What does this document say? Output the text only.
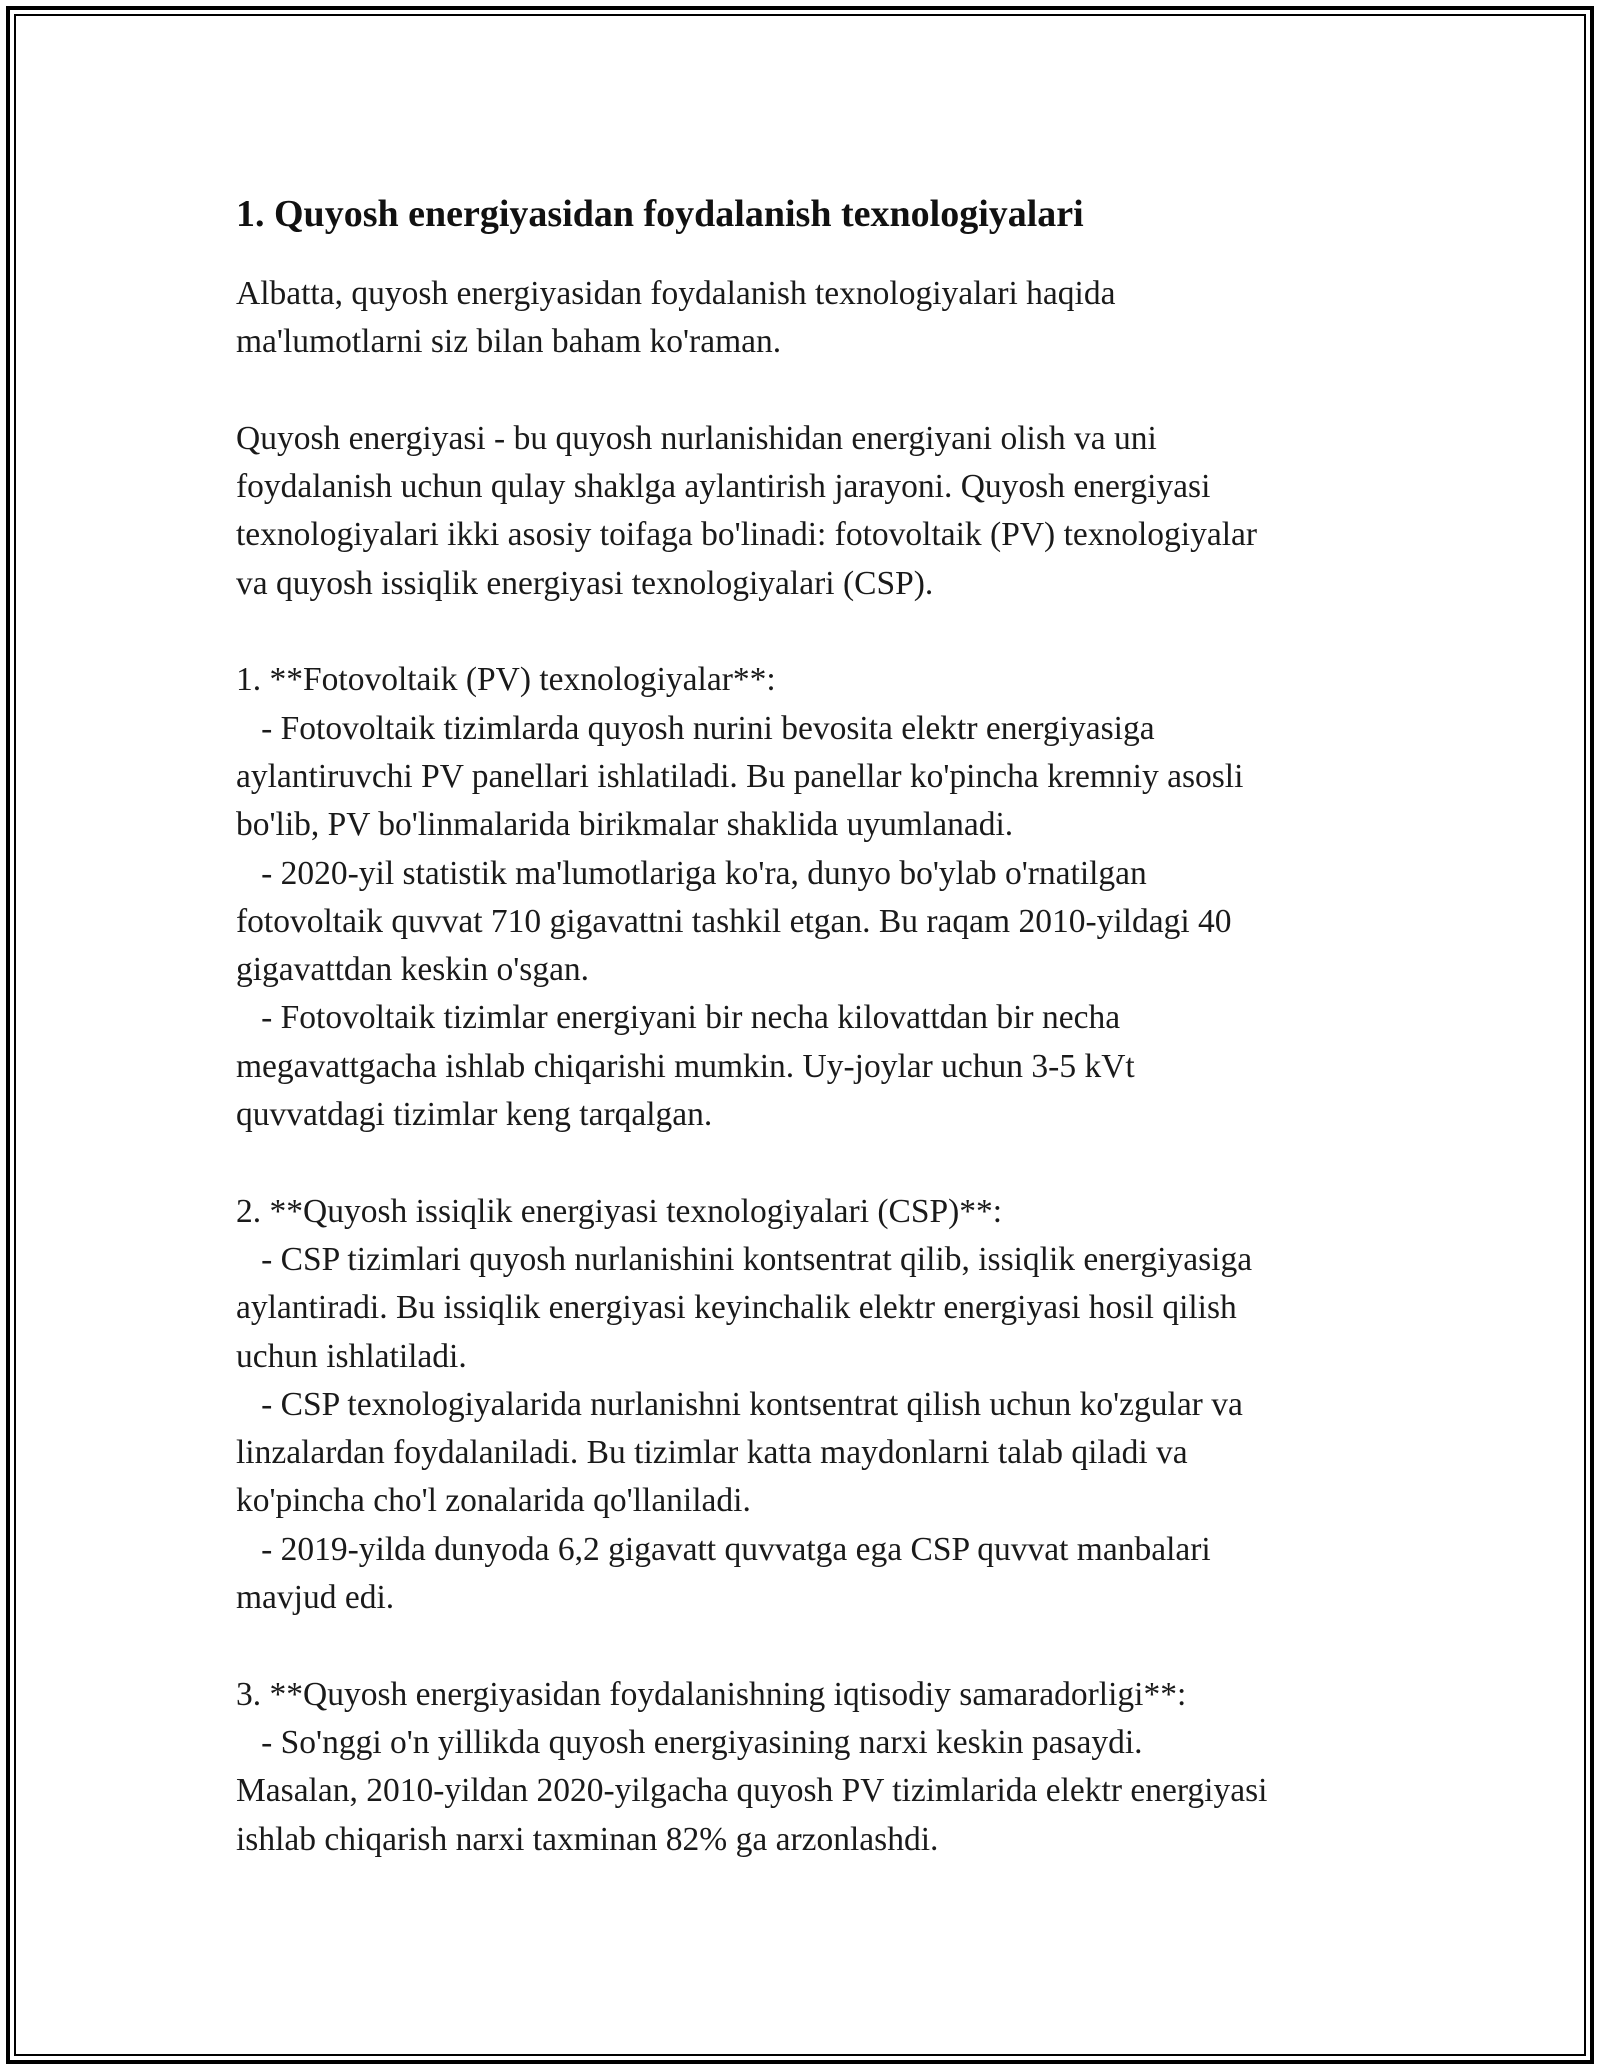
1. Quyosh energiyasidan foydalanish texnologiyalari

Albatta, quyosh energiyasidan foydalanish texnologiyalari haqida
ma'lumotlarni siz bilan baham ko'raman.

Quyosh energiyasi - bu quyosh nurlanishidan energiyani olish va uni
foydalanish uchun qulay shaklga aylantirish jarayoni. Quyosh energiyasi
texnologiyalari ikki asosiy toifaga bo'linadi: fotovoltaik (PV) texnologiyalar
va quyosh issiqlik energiyasi texnologiyalari (CSP).

1. **Fotovoltaik (PV) texnologiyalar**:
- Fotovoltaik tizimlarda quyosh nurini bevosita elektr energiyasiga
aylantiruvchi PV panellari ishlatiladi. Bu panellar ko'pincha kremniy asosli
bo'lib, PV bo'linmalarida birikmalar shaklida uyumlanadi.
- 2020-yil statistik ma'lumotlariga ko'ra, dunyo bo'ylab o'rnatilgan
fotovoltaik quvvat 710 gigavattni tashkil etgan. Bu raqam 2010-yildagi 40
gigavattdan keskin o'sgan.
- Fotovoltaik tizimlar energiyani bir necha kilovattdan bir necha
megavattgacha ishlab chiqarishi mumkin. Uy-joylar uchun 3-5 kVt
quvvatdagi tizimlar keng tarqalgan.

2. **Quyosh issiqlik energiyasi texnologiyalari (CSP)**:
- CSP tizimlari quyosh nurlanishini kontsentrat qilib, issiqlik energiyasiga
aylantiradi. Bu issiqlik energiyasi keyinchalik elektr energiyasi hosil qilish
uchun ishlatiladi.
- CSP texnologiyalarida nurlanishni kontsentrat qilish uchun ko'zgular va
linzalardan foydalaniladi. Bu tizimlar katta maydonlarni talab qiladi va
ko'pincha cho'l zonalarida qo'llaniladi.
- 2019-yilda dunyoda 6,2 gigavatt quvvatga ega CSP quvvat manbalari
mavjud edi.

3. **Quyosh energiyasidan foydalanishning iqtisodiy samaradorligi**:
- So'nggi o'n yillikda quyosh energiyasining narxi keskin pasaydi.
Masalan, 2010-yildan 2020-yilgacha quyosh PV tizimlarida elektr energiyasi
ishlab chiqarish narxi taxminan 82% ga arzonlashdi.
